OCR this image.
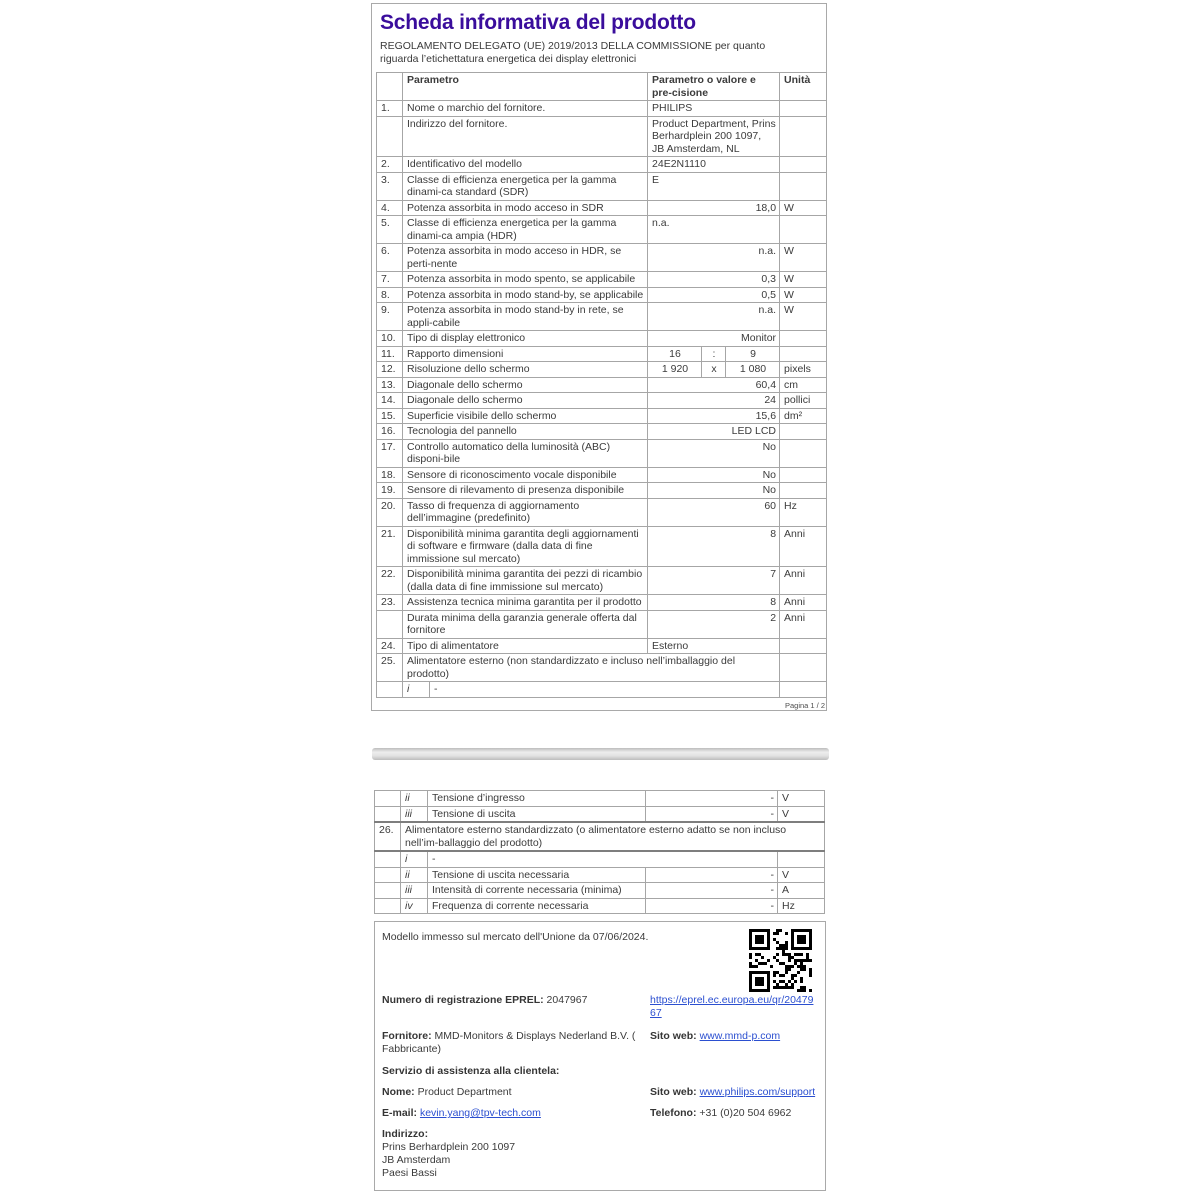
Scheda informativa del prodotto
REGOLAMENTO DELEGATO (UE) 2019/2013 DELLA COMMISSIONE per quanto riguarda l’etichettatura energetica dei display elettronici
	Parametro		Parametro o valore e pre-cisione			Unità
1.	Nome o marchio del fornitore.		PHILIPS			
	Indirizzo del fornitore.		Product Department, Prins Berhardplein 200 1097, JB Amsterdam, NL			
2.	Identificativo del modello		24E2N1110			
3.	Classe di efficienza energetica per la gamma dinami-ca standard (SDR)		E			
4.	Potenza assorbita in modo acceso in SDR		18,0			W
5.	Classe di efficienza energetica per la gamma dinami-ca ampia (HDR)		n.a.			
6.	Potenza assorbita in modo acceso in HDR, se perti-nente		n.a.			W
7.	Potenza assorbita in modo spento, se applicabile		0,3			W
8.	Potenza assorbita in modo stand-by, se applicabile		0,5			W
9.	Potenza assorbita in modo stand-by in rete, se appli-cabile		n.a.			W
10.	Tipo di display elettronico		Monitor			
11.	Rapporto dimensioni		16	:	9	
12.	Risoluzione dello schermo		1 920	x	1 080	pixels
13.	Diagonale dello schermo		60,4			cm
14.	Diagonale dello schermo		24			pollici
15.	Superficie visibile dello schermo		15,6			dm²
16.	Tecnologia del pannello		LED LCD			
17.	Controllo automatico della luminosità (ABC) disponi-bile		No			
18.	Sensore di riconoscimento vocale disponibile		No			
19.	Sensore di rilevamento di presenza disponibile		No			
20.	Tasso di frequenza di aggiornamento dell’immagine (predefinito)		60			Hz
21.	Disponibilità minima garantita degli aggiornamenti di software e firmware (dalla data di fine immissione sul mercato)		8			Anni
22.	Disponibilità minima garantita dei pezzi di ricambio (dalla data di fine immissione sul mercato)		7			Anni
23.	Assistenza tecnica minima garantita per il prodotto		8			Anni
	Durata minima della garanzia generale offerta dal fornitore		2			Anni
24.	Tipo di alimentatore		Esterno			
25.	Alimentatore esterno (non standardizzato e incluso nell’imballaggio del prodotto)					
	i	-				
Pagina 1 / 2
	ii	Tensione d’ingresso	-	V
	iii	Tensione di uscita	-	V
26.	Alimentatore esterno standardizzato (o alimentatore esterno adatto se non incluso nell’im-ballaggio del prodotto)			
	i	-		
	ii	Tensione di uscita necessaria	-	V
	iii	Intensità di corrente necessaria (minima)	-	A
	iv	Frequenza di corrente necessaria	-	Hz
Modello immesso sul mercato dell'Unione da 07/06/2024.
Numero di registrazione EPREL: 2047967	https://eprel.ec.europa.eu/qr/2047967
Fornitore: MMD-Monitors & Displays Nederland B.V. ( Fabbricante)
Sito web: www.mmd-p.com
Servizio di assistenza alla clientela:
Nome: Product Department	Sito web: www.philips.com/support
E-mail: kevin.yang@tpv-tech.com	Telefono: +31 (0)20 504 6962
Indirizzo:
Prins Berhardplein 200 1097
JB Amsterdam
Paesi Bassi
